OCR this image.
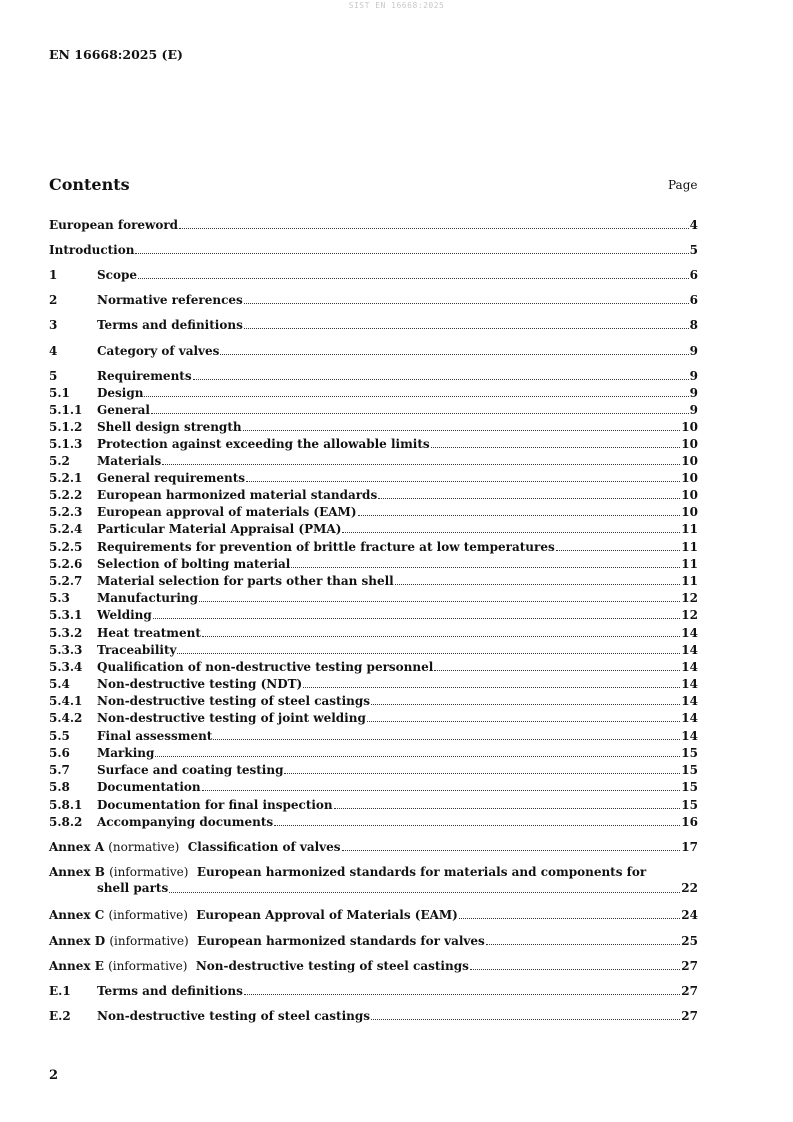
SIST EN 16668:2025
EN 16668:2025 (E)
Contents	Page
European foreword	4
Introduction	5
1	Scope	6
2	Normative references	6
3	Terms and definitions	8
4	Category of valves	9
5	Requirements	9
5.1	Design	9
5.1.1	General	9
5.1.2	Shell design strength	10
5.1.3	Protection against exceeding the allowable limits	10
5.2	Materials	10
5.2.1	General requirements	10
5.2.2	European harmonized material standards	10
5.2.3	European approval of materials (EAM)	10
5.2.4	Particular Material Appraisal (PMA)	11
5.2.5	Requirements for prevention of brittle fracture at low temperatures	11
5.2.6	Selection of bolting material	11
5.2.7	Material selection for parts other than shell	11
5.3	Manufacturing	12
5.3.1	Welding	12
5.3.2	Heat treatment	14
5.3.3	Traceability	14
5.3.4	Qualification of non-destructive testing personnel	14
5.4	Non-destructive testing (NDT)	14
5.4.1	Non-destructive testing of steel castings	14
5.4.2	Non-destructive testing of joint welding	14
5.5	Final assessment	14
5.6	Marking	15
5.7	Surface and coating testing	15
5.8	Documentation	15
5.8.1	Documentation for final inspection	15
5.8.2	Accompanying documents	16
Annex A (normative) Classification of valves	17
Annex B (informative) European harmonized standards for materials and components for
shell parts	22
Annex C (informative) European Approval of Materials (EAM)	24
Annex D (informative) European harmonized standards for valves	25
Annex E (informative) Non-destructive testing of steel castings	27
E.1	Terms and definitions	27
E.2	Non-destructive testing of steel castings	27
2
